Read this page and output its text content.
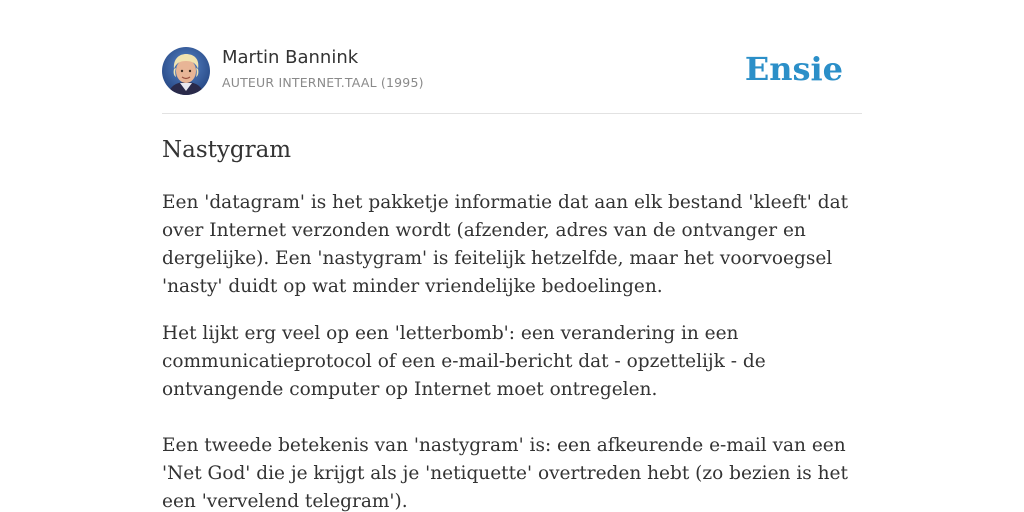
Martin Bannink
AUTEUR INTERNET.TAAL (1995)	Ensie
Nastygram

Een 'datagram' is het pakketje informatie dat aan elk bestand 'kleeft' dat over Internet verzonden wordt (afzender, adres van de ontvanger en dergelijke). Een 'nastygram' is feitelijk hetzelfde, maar het voorvoegsel 'nasty' duidt op wat minder vriendelijke bedoelingen.

Het lijkt erg veel op een 'letterbomb': een verandering in een communicatieprotocol of een e-mail-bericht dat - opzettelijk - de ontvangende computer op Internet moet ontregelen.

Een tweede betekenis van 'nastygram' is: een afkeurende e-mail van een 'Net God' die je krijgt als je 'netiquette' overtreden hebt (zo bezien is het een 'vervelend telegram').
